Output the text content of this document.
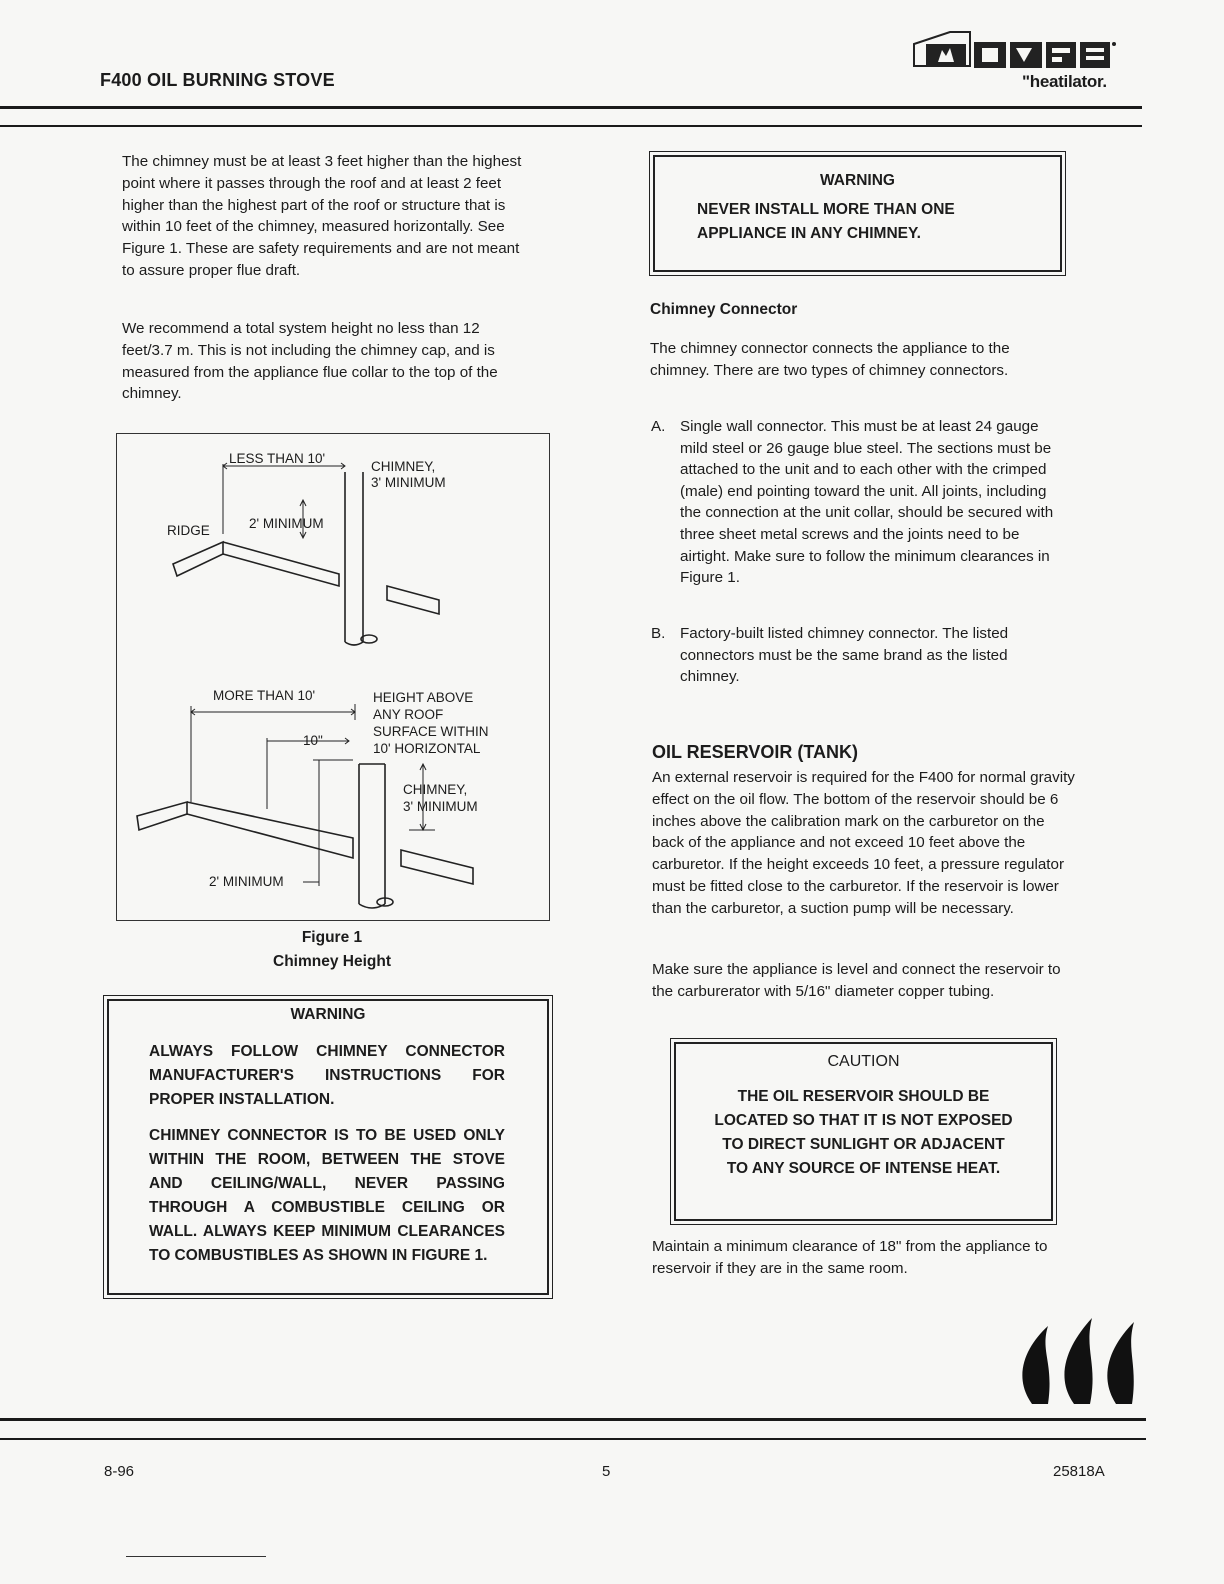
F400 OIL BURNING STOVE	"heatilator.
The chimney must be at least 3 feet higher than the highest point where it passes through the roof and at least 2 feet higher than the highest part of the roof or structure that is within 10 feet of the chimney, measured horizontally. See Figure 1. These are safety requirements and are not meant to assure proper flue draft.
We recommend a total system height no less than 12 feet/3.7 m. This is not including the chimney cap, and is measured from the appliance flue collar to the top of the chimney.
LESS THAN 10'
CHIMNEY,
3' MINIMUM
RIDGE	2' MINIMUM
MORE THAN 10'
10"
HEIGHT ABOVE
ANY ROOF
SURFACE WITHIN
10' HORIZONTAL
CHIMNEY,
3' MINIMUM
2' MINIMUM
Figure 1
Chimney Height
WARNING
ALWAYS FOLLOW CHIMNEY CONNECTOR MANUFACTURER'S INSTRUCTIONS FOR PROPER INSTALLATION.
CHIMNEY CONNECTOR IS TO BE USED ONLY WITHIN THE ROOM, BETWEEN THE STOVE AND CEILING/WALL, NEVER PASSING THROUGH A COMBUSTIBLE CEILING OR WALL. ALWAYS KEEP MINIMUM CLEARANCES TO COMBUSTIBLES AS SHOWN IN FIGURE 1.
WARNING
NEVER INSTALL MORE THAN ONE APPLIANCE IN ANY CHIMNEY.
Chimney Connector
The chimney connector connects the appliance to the chimney. There are two types of chimney connectors.
A. Single wall connector. This must be at least 24 gauge mild steel or 26 gauge blue steel. The sections must be attached to the unit and to each other with the crimped (male) end pointing toward the unit. All joints, including the connection at the unit collar, should be secured with three sheet metal screws and the joints need to be airtight. Make sure to follow the minimum clearances in Figure 1.
B. Factory-built listed chimney connector. The listed connectors must be the same brand as the listed chimney.
OIL RESERVOIR (TANK)
An external reservoir is required for the F400 for normal gravity effect on the oil flow. The bottom of the reservoir should be 6 inches above the calibration mark on the carburetor on the back of the appliance and not exceed 10 feet above the carburetor. If the height exceeds 10 feet, a pressure regulator must be fitted close to the carburetor. If the reservoir is lower than the carburetor, a suction pump will be necessary.
Make sure the appliance is level and connect the reservoir to the carburerator with 5/16" diameter copper tubing.
CAUTION
THE OIL RESERVOIR SHOULD BE LOCATED SO THAT IT IS NOT EXPOSED TO DIRECT SUNLIGHT OR ADJACENT TO ANY SOURCE OF INTENSE HEAT.
Maintain a minimum clearance of 18" from the appliance to reservoir if they are in the same room.
8-96	5	25818A
